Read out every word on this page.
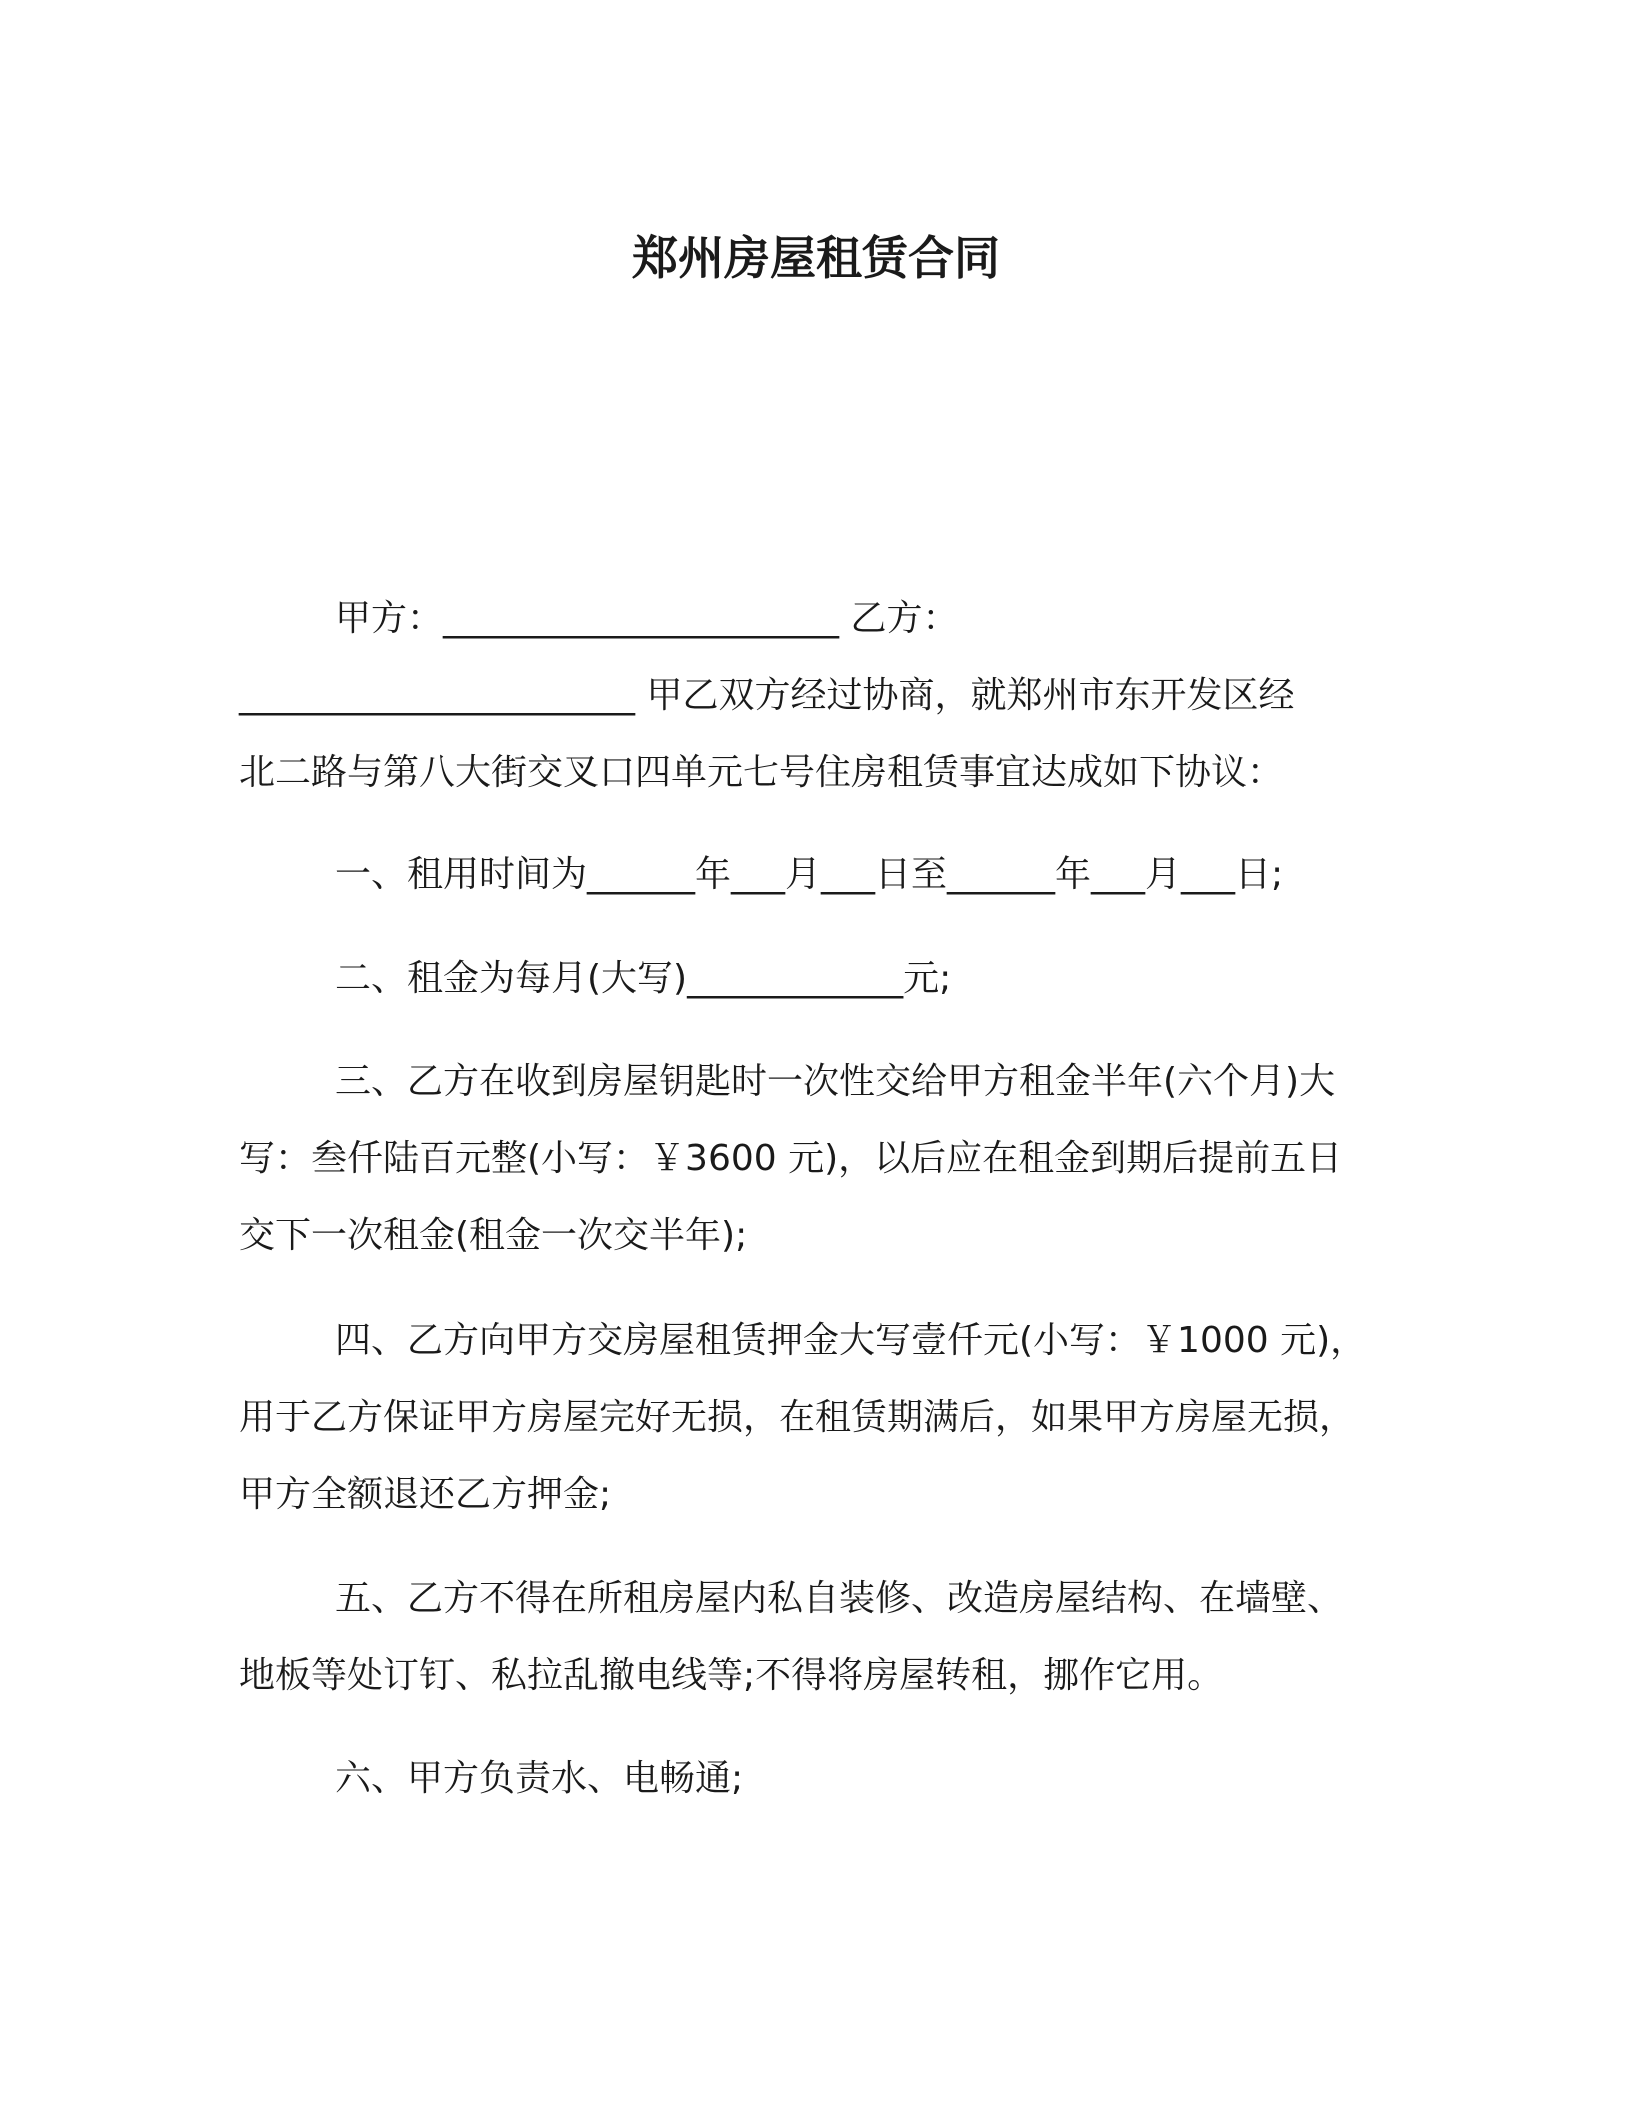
郑州房屋租赁合同
甲方：______________________ 乙方：
______________________ 甲乙双方经过协商，就郑州市东开发区经
北二路与第八大街交叉口四单元七号住房租赁事宜达成如下协议：
一、租用时间为______年___月___日至______年___月___日;
二、租金为每月(大写)____________元;
三、乙方在收到房屋钥匙时一次性交给甲方租金半年(六个月)大
写：叁仟陆百元整(小写：￥3600 元)，以后应在租金到期后提前五日
交下一次租金(租金一次交半年);
四、乙方向甲方交房屋租赁押金大写壹仟元(小写：￥1000 元)，
用于乙方保证甲方房屋完好无损，在租赁期满后，如果甲方房屋无损，
甲方全额退还乙方押金;
五、乙方不得在所租房屋内私自装修、改造房屋结构、在墙壁、
地板等处订钉、私拉乱撤电线等;不得将房屋转租，挪作它用。
六、甲方负责水、电畅通;
